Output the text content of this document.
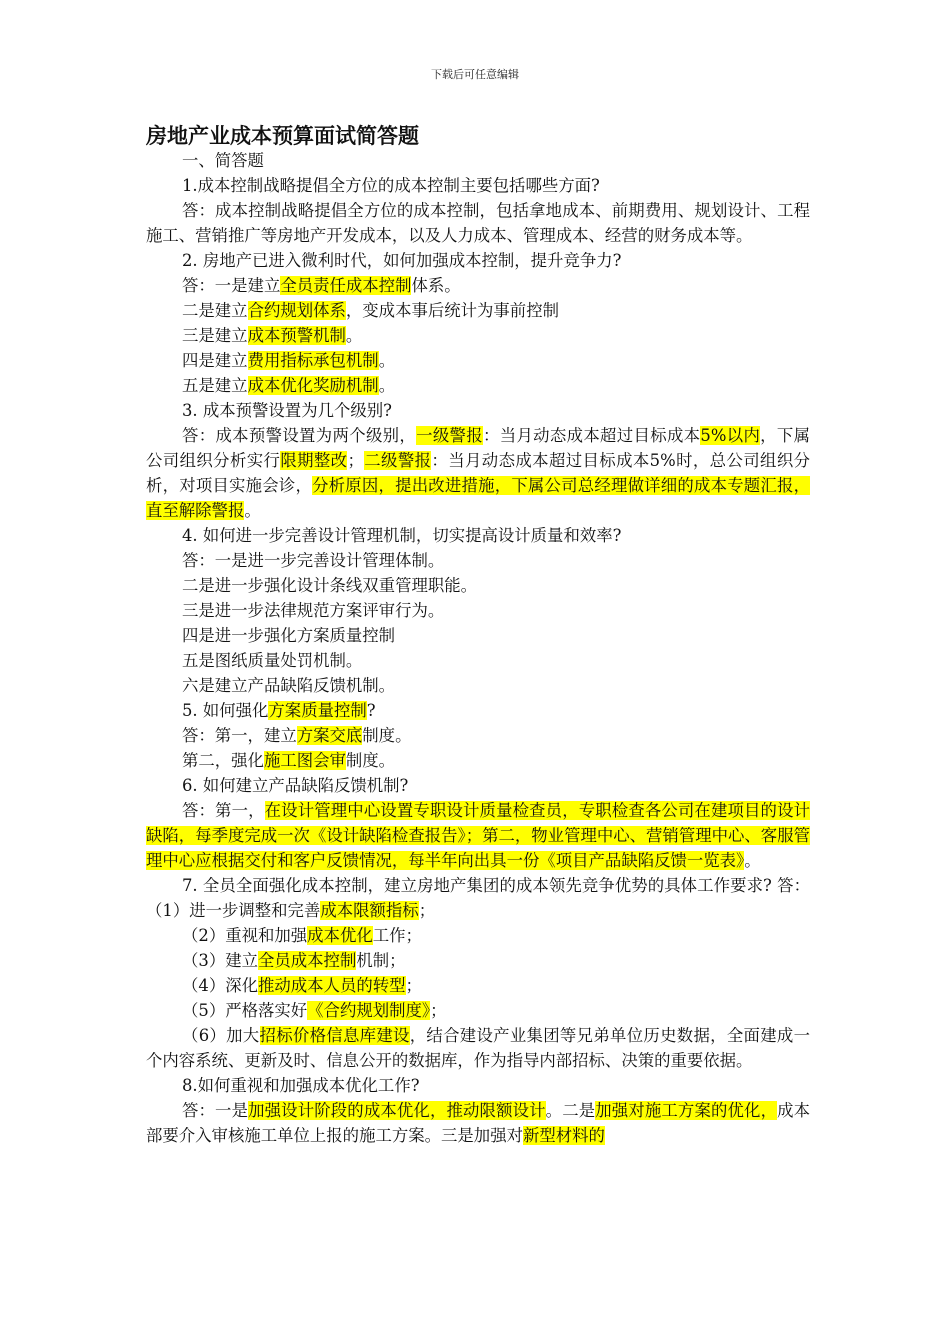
下载后可任意编辑
房地产业成本预算面试简答题

一、简答题

1.成本控制战略提倡全方位的成本控制主要包括哪些方面?

答：成本控制战略提倡全方位的成本控制，包括拿地成本、前期费用、规划设计、工程施工、营销推广等房地产开发成本，以及人力成本、管理成本、经营的财务成本等。

2. 房地产已进入微利时代，如何加强成本控制，提升竞争力?

答：一是建立全员责任成本控制体系。

二是建立合约规划体系，变成本事后统计为事前控制

三是建立成本预警机制。

四是建立费用指标承包机制。

五是建立成本优化奖励机制。

3. 成本预警设置为几个级别?

答：成本预警设置为两个级别，一级警报：当月动态成本超过目标成本5%以内，下属公司组织分析实行限期整改；二级警报：当月动态成本超过目标成本5%时，总公司组织分析，对项目实施会诊，分析原因，提出改进措施，下属公司总经理做详细的成本专题汇报，直至解除警报。

4. 如何进一步完善设计管理机制，切实提高设计质量和效率?

答：一是进一步完善设计管理体制。

二是进一步强化设计条线双重管理职能。

三是进一步法律规范方案评审行为。

四是进一步强化方案质量控制

五是图纸质量处罚机制。

六是建立产品缺陷反馈机制。

5. 如何强化方案质量控制?

答：第一，建立方案交底制度。

第二，强化施工图会审制度。

6. 如何建立产品缺陷反馈机制?

答：第一，在设计管理中心设置专职设计质量检查员，专职检查各公司在建项目的设计缺陷，每季度完成一次《设计缺陷检查报告》；第二，物业管理中心、营销管理中心、客服管理中心应根据交付和客户反馈情况，每半年向出具一份《项目产品缺陷反馈一览表》。

7. 全员全面强化成本控制，建立房地产集团的成本领先竞争优势的具体工作要求? 答：（1）进一步调整和完善成本限额指标；

（2）重视和加强成本优化工作；

（3）建立全员成本控制机制；

（4）深化推动成本人员的转型；

（5）严格落实好《合约规划制度》；

（6）加大招标价格信息库建设，结合建设产业集团等兄弟单位历史数据，全面建成一个内容系统、更新及时、信息公开的数据库，作为指导内部招标、决策的重要依据。

8.如何重视和加强成本优化工作?

答：一是加强设计阶段的成本优化，推动限额设计。二是加强对施工方案的优化，成本部要介入审核施工单位上报的施工方案。三是加强对新型材料的
